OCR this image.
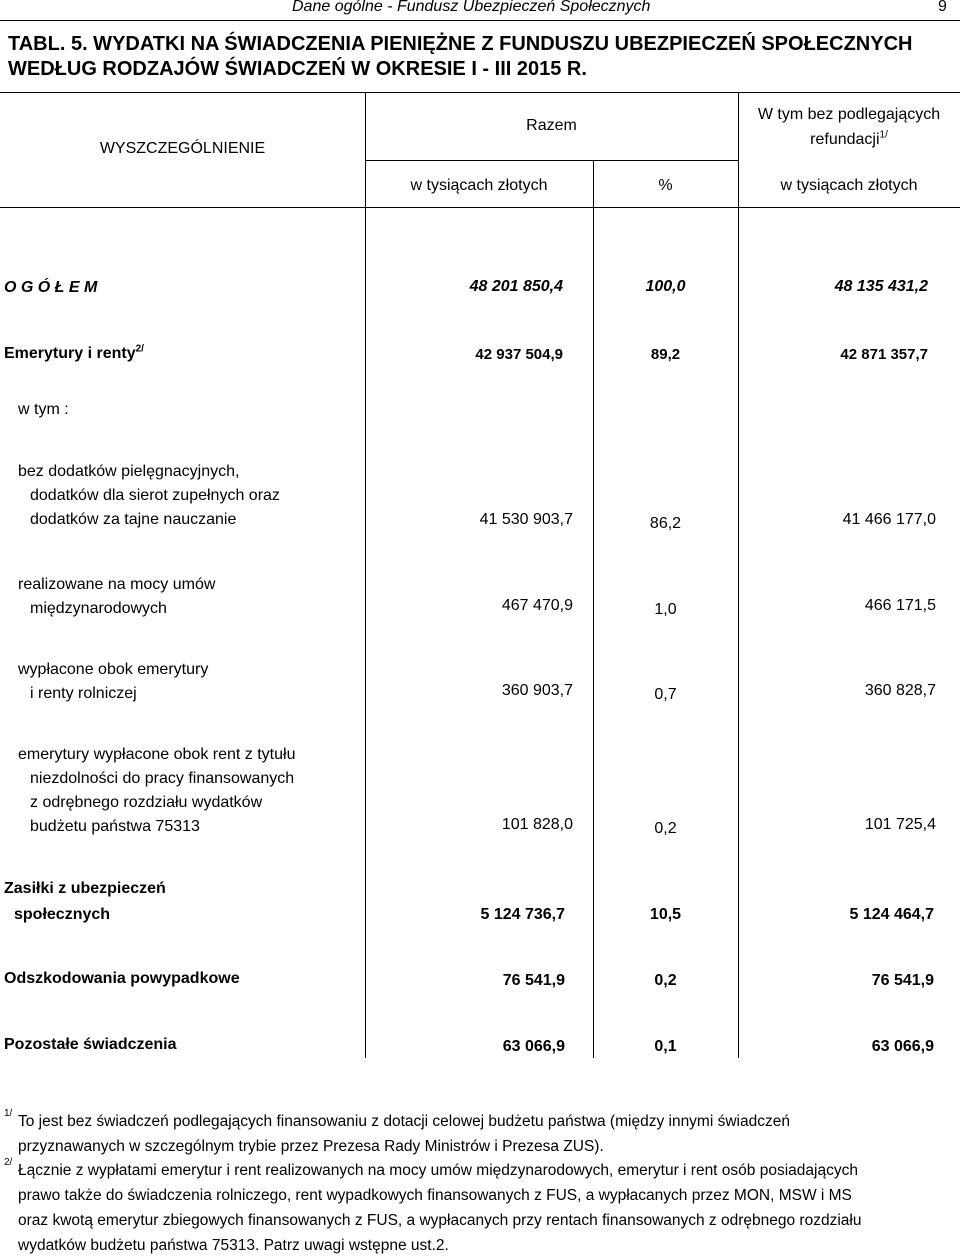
Dane ogólne - Fundusz Ubezpieczeń Społecznych	9
TABL. 5. WYDATKI NA ŚWIADCZENIA PIENIĘŻNE Z FUNDUSZU UBEZPIECZEŃ SPOŁECZNYCH
WEDŁUG RODZAJÓW ŚWIADCZEŃ W OKRESIE I - III 2015 R.
WYSZCZEGÓLNIENIE
Razem
W tym bez podlegających
refundacji$^{1/}$
w tysiącach złotych	%	w tysiącach złotych
O G Ó Ł E M	48 201 850,4	100,0	48 135 431,2
Emerytury i renty$^{2/}$	42 937 504,9	89,2	42 871 357,7
w tym :
bez dodatków pielęgnacyjnych,
dodatków dla sierot zupełnych oraz
dodatków za tajne nauczanie	41 530 903,7	86,2	41 466 177,0
realizowane na mocy umów
międzynarodowych	467 470,9	1,0	466 171,5
wypłacone obok emerytury
i renty rolniczej	360 903,7	0,7	360 828,7
emerytury wypłacone obok rent z tytułu
niezdolności do pracy finansowanych
z odrębnego rozdziału wydatków
budżetu państwa 75313	101 828,0	0,2	101 725,4
Zasiłki z ubezpieczeń
społecznych	5 124 736,7	10,5	5 124 464,7
Odszkodowania powypadkowe	76 541,9	0,2	76 541,9
Pozostałe świadczenia	63 066,9	0,1	63 066,9
1/ To jest bez świadczeń podlegających finansowaniu z dotacji celowej budżetu państwa (między innymi świadczeń
przyznawanych w szczególnym trybie przez Prezesa Rady Ministrów i Prezesa ZUS).
2/ Łącznie z wypłatami emerytur i rent realizowanych na mocy umów międzynarodowych, emerytur i rent osób posiadających
prawo także do świadczenia rolniczego, rent wypadkowych finansowanych z FUS, a wypłacanych przez MON, MSW i MS
oraz kwotą emerytur zbiegowych finansowanych z FUS, a wypłacanych przy rentach finansowanych z odrębnego rozdziału
wydatków budżetu państwa 75313. Patrz uwagi wstępne ust.2.
